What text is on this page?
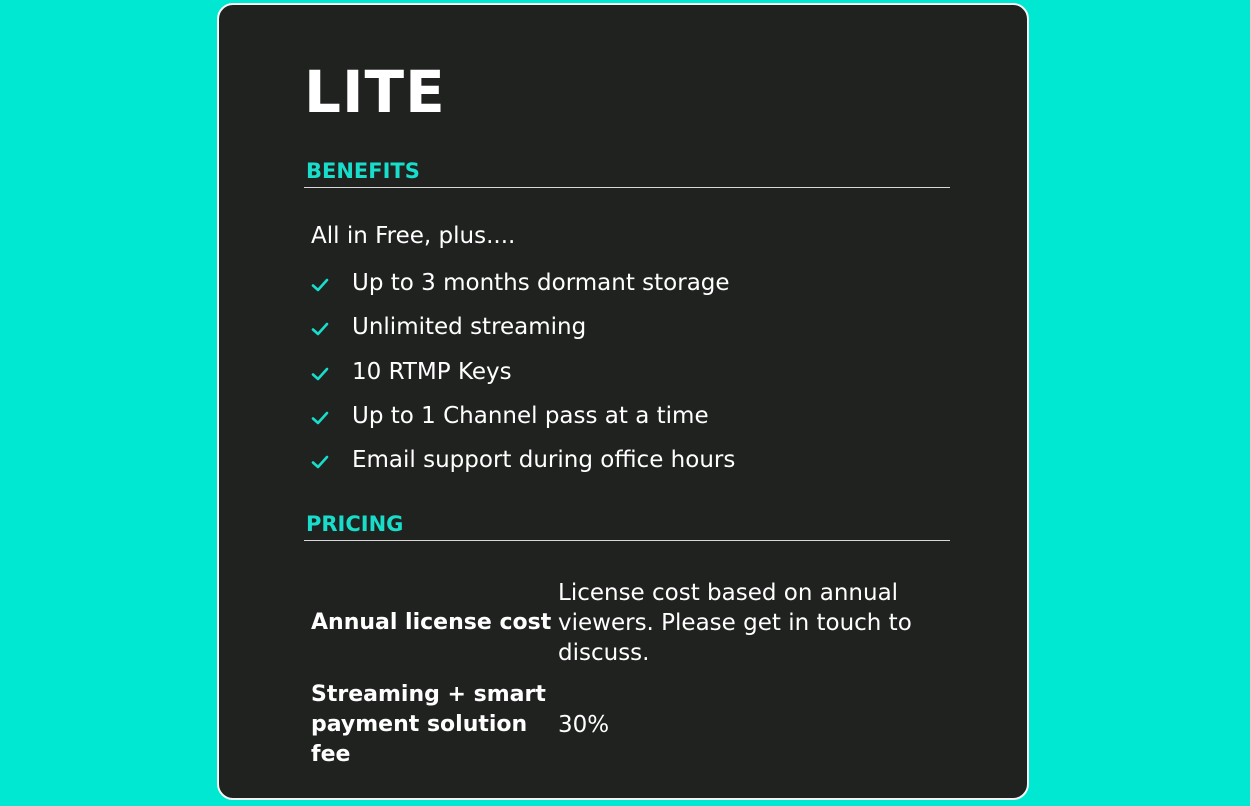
LITE
BENEFITS
All in Free, plus....
Up to 3 months dormant storage
Unlimited streaming
10 RTMP Keys
Up to 1 Channel pass at a time
Email support during office hours
PRICING
Annual license cost
License cost based on annual viewers. Please get in touch to discuss.
Streaming + smart payment solution fee
30%
